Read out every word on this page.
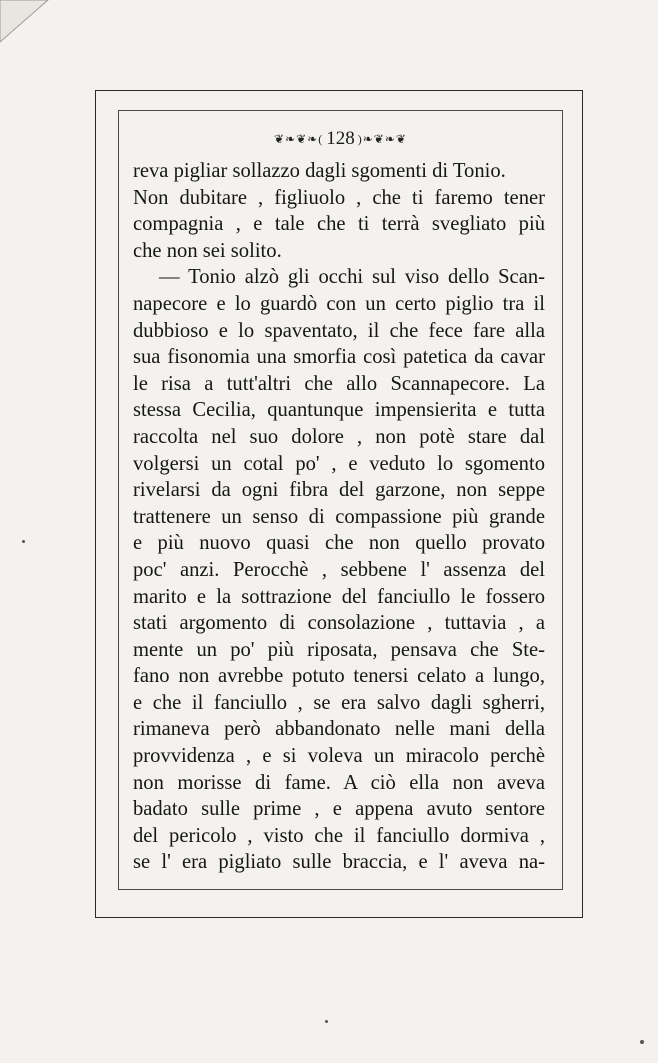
❦❧❦❧( 128 )❧❦❧❦
reva pigliar sollazzo dagli sgomenti di Tonio.
Non dubitare , figliuolo , che ti faremo tener
compagnia , e tale che ti terrà svegliato più
che non sei solito.
— Tonio alzò gli occhi sul viso dello Scan-
napecore e lo guardò con un certo piglio tra il
dubbioso e lo spaventato, il che fece fare alla
sua fisonomia una smorfia così patetica da cavar
le risa a tutt'altri che allo Scannapecore. La
stessa Cecilia, quantunque impensierita e tutta
raccolta nel suo dolore , non potè stare dal
volgersi un cotal po' , e veduto lo sgomento
rivelarsi da ogni fibra del garzone, non seppe
trattenere un senso di compassione più grande
e più nuovo quasi che non quello provato
poc' anzi. Perocchè , sebbene l' assenza del
marito e la sottrazione del fanciullo le fossero
stati argomento di consolazione , tuttavia , a
mente un po' più riposata, pensava che Ste-
fano non avrebbe potuto tenersi celato a lungo,
e che il fanciullo , se era salvo dagli sgherri,
rimaneva però abbandonato nelle mani della
provvidenza , e si voleva un miracolo perchè
non morisse di fame. A ciò ella non aveva
badato sulle prime , e appena avuto sentore
del pericolo , visto che il fanciullo dormiva ,
se l' era pigliato sulle braccia, e l' aveva na-
